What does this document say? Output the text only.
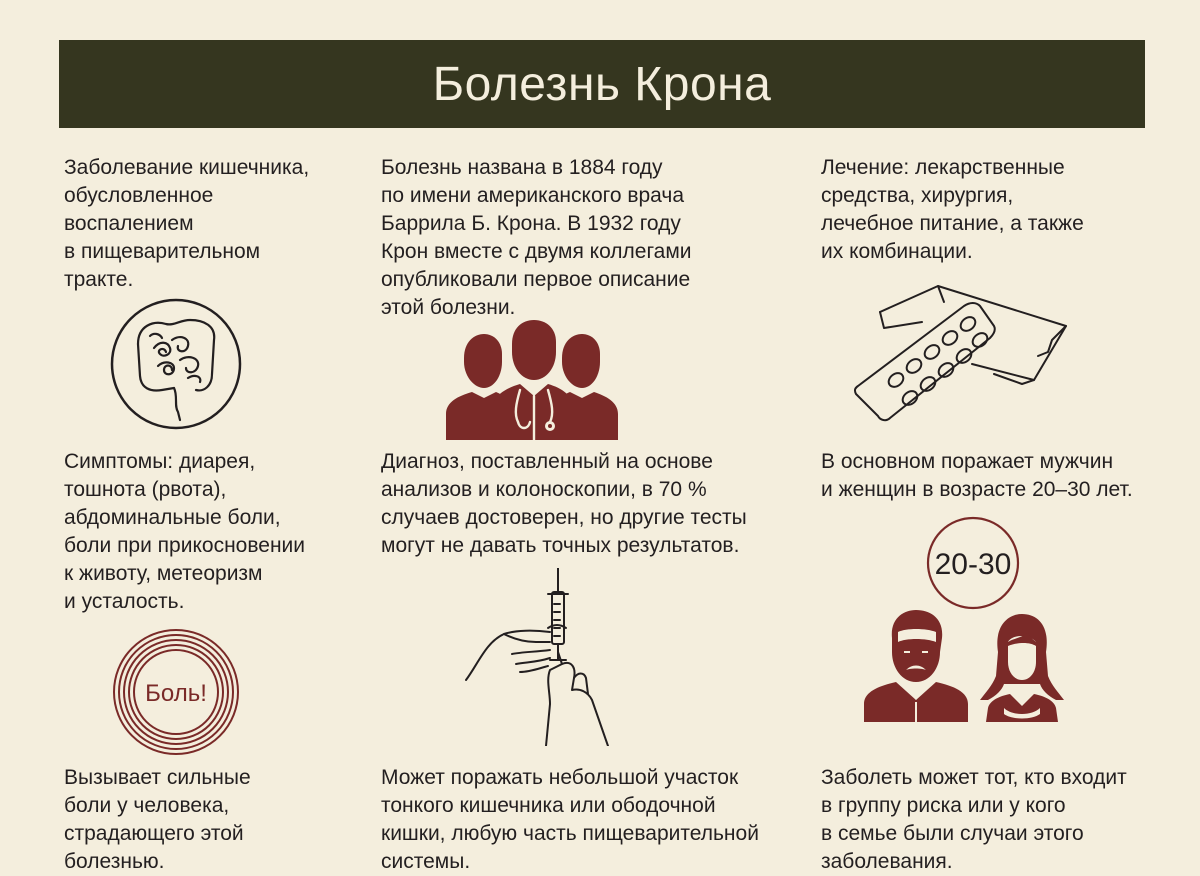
Болезнь Крона

Заболевание кишечника,
обусловленное
воспалением
в пищеварительном
тракте.

Болезнь названа в 1884 году
по имени американского врача
Баррила Б. Крона. В 1932 году
Крон вместе с двумя коллегами
опубликовали первое описание
этой болезни.

Лечение: лекарственные
средства, хирургия,
лечебное питание, а также
их комбинации.

Симптомы: диарея,
тошнота (рвота),
абдоминальные боли,
боли при прикосновении
к животу, метеоризм
и усталость.

Диагноз, поставленный на основе
анализов и колоноскопии, в 70 %
случаев достоверен, но другие тесты
могут не давать точных результатов.

В основном поражает мужчин
и женщин в возрасте 20–30 лет.

Боль!
20-30

Вызывает сильные
боли у человека,
страдающего этой
болезнью.

Может поражать небольшой участок
тонкого кишечника или ободочной
кишки, любую часть пищеварительной
системы.

Заболеть может тот, кто входит
в группу риска или у кого
в семье были случаи этого
заболевания.
